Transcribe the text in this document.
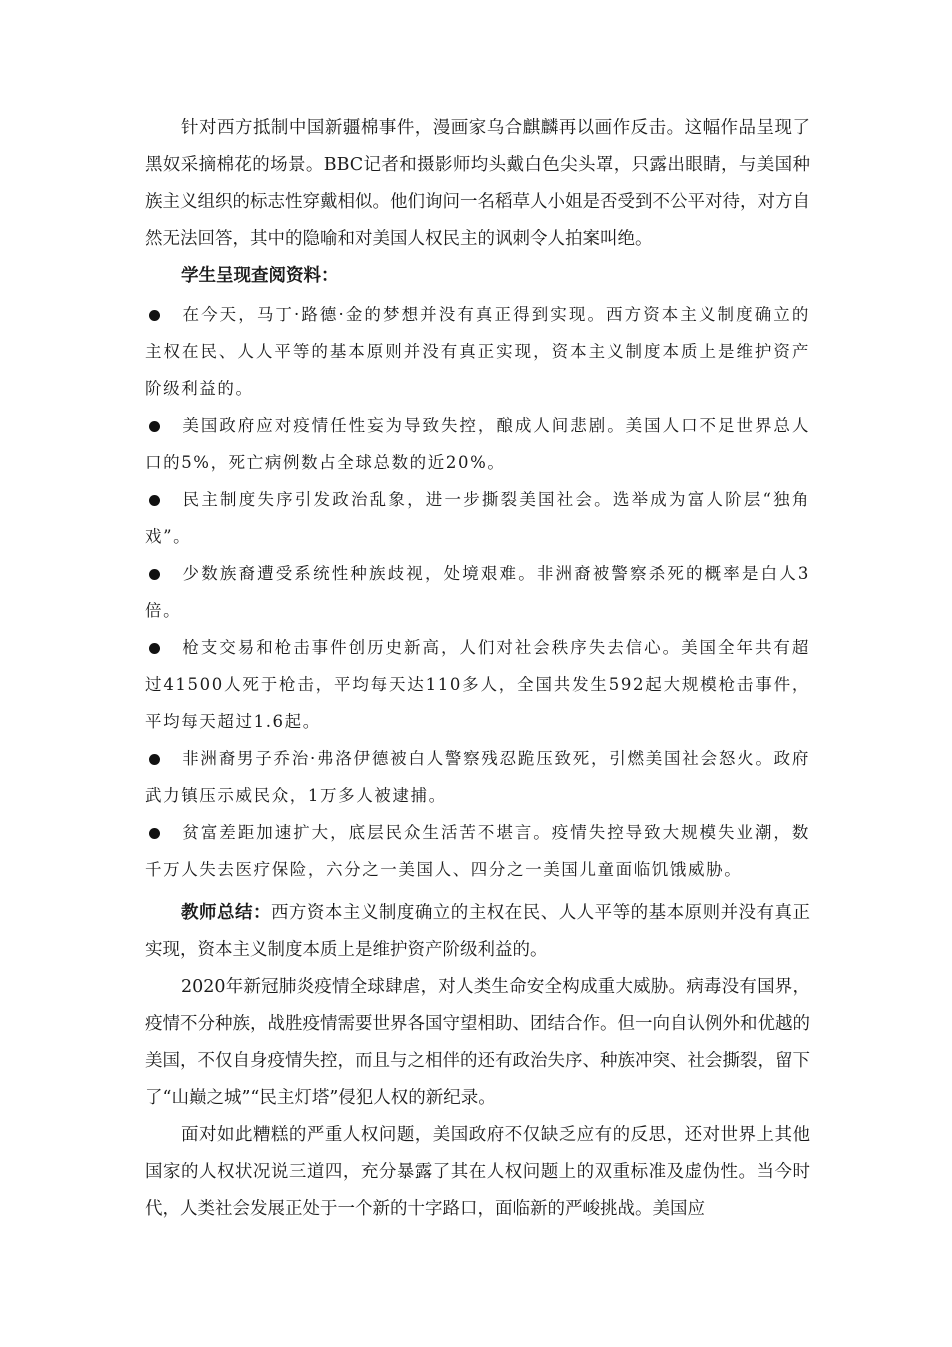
针对西方抵制中国新疆棉事件，漫画家乌合麒麟再以画作反击。这幅作品呈现了黑奴采摘棉花的场景。BBC记者和摄影师均头戴白色尖头罩，只露出眼睛，与美国种族主义组织的标志性穿戴相似。他们询问一名稻草人小姐是否受到不公平对待，对方自然无法回答，其中的隐喻和对美国人权民主的讽刺令人拍案叫绝。

学生呈现查阅资料：
在今天，马丁·路德·金的梦想并没有真正得到实现。西方资本主义制度确立的主权在民、人人平等的基本原则并没有真正实现，资本主义制度本质上是维护资产阶级利益的。
美国政府应对疫情任性妄为导致失控，酿成人间悲剧。美国人口不足世界总人口的5%，死亡病例数占全球总数的近20%。
民主制度失序引发政治乱象，进一步撕裂美国社会。选举成为富人阶层“独角戏”。
少数族裔遭受系统性种族歧视，处境艰难。非洲裔被警察杀死的概率是白人3倍。
枪支交易和枪击事件创历史新高，人们对社会秩序失去信心。美国全年共有超过41500人死于枪击，平均每天达110多人，全国共发生592起大规模枪击事件，平均每天超过1.6起。
非洲裔男子乔治·弗洛伊德被白人警察残忍跪压致死，引燃美国社会怒火。政府武力镇压示威民众，1万多人被逮捕。
贫富差距加速扩大，底层民众生活苦不堪言。疫情失控导致大规模失业潮，数千万人失去医疗保险，六分之一美国人、四分之一美国儿童面临饥饿威胁。

教师总结：西方资本主义制度确立的主权在民、人人平等的基本原则并没有真正实现，资本主义制度本质上是维护资产阶级利益的。

2020年新冠肺炎疫情全球肆虐，对人类生命安全构成重大威胁。病毒没有国界，疫情不分种族，战胜疫情需要世界各国守望相助、团结合作。但一向自认例外和优越的美国，不仅自身疫情失控，而且与之相伴的还有政治失序、种族冲突、社会撕裂，留下了“山巅之城”“民主灯塔”侵犯人权的新纪录。

面对如此糟糕的严重人权问题，美国政府不仅缺乏应有的反思，还对世界上其他国家的人权状况说三道四，充分暴露了其在人权问题上的双重标准及虚伪性。当今时代，人类社会发展正处于一个新的十字路口，面临新的严峻挑战。美国应
